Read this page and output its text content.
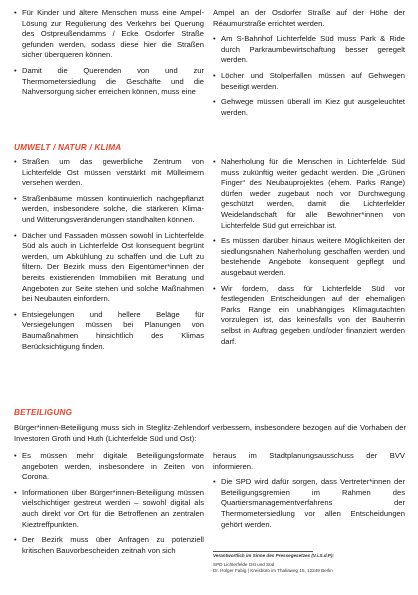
• Für Kinder und ältere Menschen muss eine Ampel-Lösung zur Regulierung des Verkehrs bei Querung des Ostpreußendamms / Ecke Osdorfer Straße gefunden werden, sodass diese hier die Straßen sicher überqueren können.
• Damit die Querenden von und zur Thermometersiedlung die Geschäfte und die Nahversorgung sicher erreichen können, muss eine
Ampel an der Osdorfer Straße auf der Höhe der Réaumurstraße errichtet werden.
• Am S-Bahnhof Lichterfelde Süd muss Park & Ride durch Parkraumbewirtschaftung besser geregelt werden.
• Löcher und Stolperfallen müssen auf Gehwegen beseitigt werden.
• Gehwege müssen überall im Kiez gut ausgeleuchtet werden.
UMWELT / NATUR / KLIMA
• Straßen um das gewerbliche Zentrum von Lichterfelde Ost müssen verstärkt mit Mülleimern versehen werden.
• Straßenbäume müssen kontinuierlich nachgepflanzt werden, insbesondere solche, die stärkeren Klima- und Witterungsveränderungen standhalten können.
• Dächer und Fassaden müssen sowohl in Lichterfelde Süd als auch in Lichterfelde Ost konsequent begrünt werden, um Abkühlung zu schaffen und die Luft zu filtern. Der Bezirk muss den Eigentümer*innen der bereits existierenden Immobilien mit Beratung und Angeboten zur Seite stehen und solche Maßnahmen bei Neubauten einfordern.
• Entsiegelungen und hellere Beläge für Versiegelungen müssen bei Planungen von Baumaßnahmen hinsichtlich des Klimas Berücksichtigung finden.
• Naherholung für die Menschen in Lichterfelde Süd muss zukünftig weiter gedacht werden. Die „Grünen Finger“ des Neubauprojektes (ehem. Parks Range) dürfen weder zugebaut noch vor Durchwegung geschützt werden, damit die Lichterfelder Weidelandschaft für alle Bewohner*innen von Lichterfelde Süd gut erreichbar ist.
• Es müssen darüber hinaus weitere Möglichkeiten der siedlungsnahen Naherholung geschaffen werden und bestehende Angebote konsequent gepflegt und ausgebaut werden.
• Wir fordern, dass für Lichterfelde Süd vor festlegenden Entscheidungen auf der ehemaligen Parks Range ein unabhängiges Klimagutachten vorzulegen ist, das keinesfalls von der Bauherrin selbst in Auftrag gegeben und/oder finanziert werden darf.
BETEILIGUNG
Bürger*innen-Beteiligung muss sich in Steglitz-Zehlendorf verbessern, insbesondere bezogen auf die Vorhaben der Investoren Groth und Huth (Lichterfelde Süd und Ost):
• Es müssen mehr digitale Beteiligungsformate angeboten werden, insbesondere in Zeiten von Corona.
• Informationen über Bürger*innen-Beteiligung müssen vielschichtiger gestreut werden – sowohl digital als auch direkt vor Ort für die Betroffenen an zentralen Kieztreffpunkten.
• Der Bezirk muss über Anfragen zu potenziell kritischen Bauvorbescheiden zeitnah von sich
heraus im Stadtplanungsausschuss der BVV informieren.
• Die SPD wird dafür sorgen, dass Vertreter*innen der Beteiligungsgremien im Rahmen des Quartiersmanagementverfahrens der Thermometersiedlung vor allen Entscheidungen gehört werden.
Verantwortlich im Sinne des Pressegesetzes (V.i.S.d.P):
SPD Lichterfelde Ost und Süd
Dr. Holger Fabig | Kreisbüro im Thaliaweg 15, 12249 Berlin
